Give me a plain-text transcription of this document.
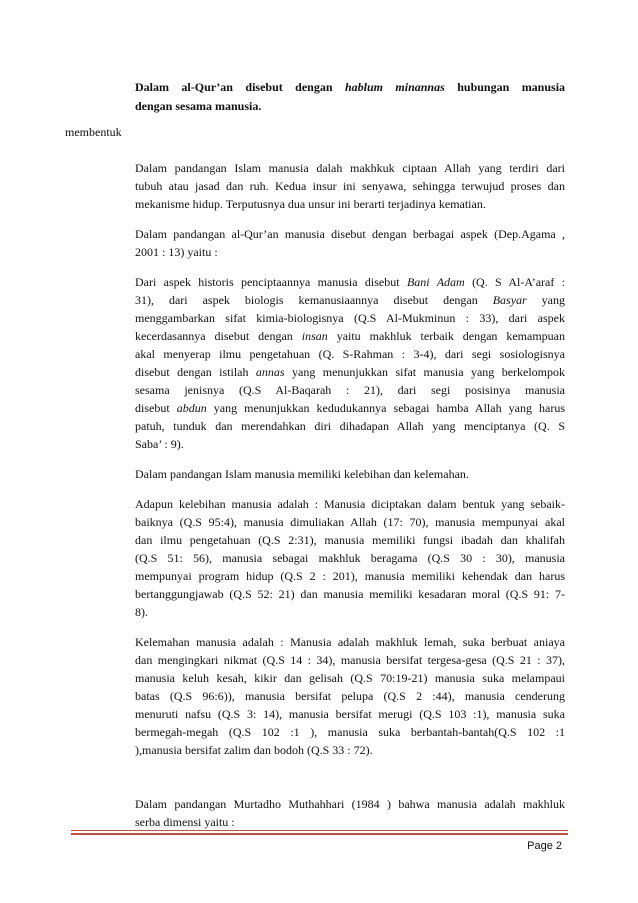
Dalam al-Qur’an disebut dengan hablum minannas hubungan manusia
dengan sesama manusia.
membentuk
Dalam pandangan Islam manusia dalah makhkuk ciptaan Allah yang terdiri dari
tubuh atau jasad dan ruh. Kedua insur ini senyawa, sehingga terwujud proses dan
mekanisme hidup. Terputusnya dua unsur ini berarti terjadinya kematian.
Dalam pandangan al-Qur’an manusia disebut dengan berbagai aspek (Dep.Agama ,
2001 : 13) yaitu :
Dari aspek historis penciptaannya manusia disebut Bani Adam (Q. S Al-A’araf :
31), dari aspek biologis kemanusiaannya disebut dengan Basyar yang
menggambarkan sifat kimia-biologisnya (Q.S Al-Mukminun : 33), dari aspek
kecerdasannya disebut dengan insan yaitu makhluk terbaik dengan kemampuan
akal menyerap ilmu pengetahuan (Q. S-Rahman : 3-4), dari segi sosiologisnya
disebut dengan istilah annas yang menunjukkan sifat manusia yang berkelompok
sesama jenisnya (Q.S Al-Baqarah : 21), dari segi posisinya manusia
disebut abdun yang menunjukkan kedudukannya sebagai hamba Allah yang harus
patuh, tunduk dan merendahkan diri dihadapan Allah yang menciptanya (Q. S
Saba’ : 9).
Dalam pandangan Islam manusia memiliki kelebihan dan kelemahan.
Adapun kelebihan manusia adalah : Manusia diciptakan dalam bentuk yang sebaik-
baiknya (Q.S 95:4), manusia dimuliakan Allah (17: 70), manusia mempunyai akal
dan ilmu pengetahuan (Q.S 2:31), manusia memiliki fungsi ibadah dan khalifah
(Q.S 51: 56), manusia sebagai makhluk beragama (Q.S 30 : 30), manusia
mempunyai program hidup (Q.S 2 : 201), manusia memiliki kehendak dan harus
bertanggungjawab (Q.S 52: 21) dan manusia memiliki kesadaran moral (Q.S 91: 7-
8).
Kelemahan manusia adalah : Manusia adalah makhluk lemah, suka berbuat aniaya
dan mengingkari nikmat (Q.S 14 : 34), manusia bersifat tergesa-gesa (Q.S 21 : 37),
manusia keluh kesah, kikir dan gelisah (Q.S 70:19-21) manusia suka melampaui
batas (Q.S 96:6)), manusia bersifat pelupa (Q.S 2 :44), manusia cenderung
menuruti nafsu (Q.S 3: 14), manusia bersifat merugi (Q.S 103 :1), manusia suka
bermegah-megah (Q.S 102 :1 ), manusia suka berbantah-bantah(Q.S 102 :1
),manusia bersifat zalim dan bodoh (Q.S 33 : 72).
Dalam pandangan Murtadho Muthahhari (1984 ) bahwa manusia adalah makhluk
serba dimensi yaitu :
Page 2
